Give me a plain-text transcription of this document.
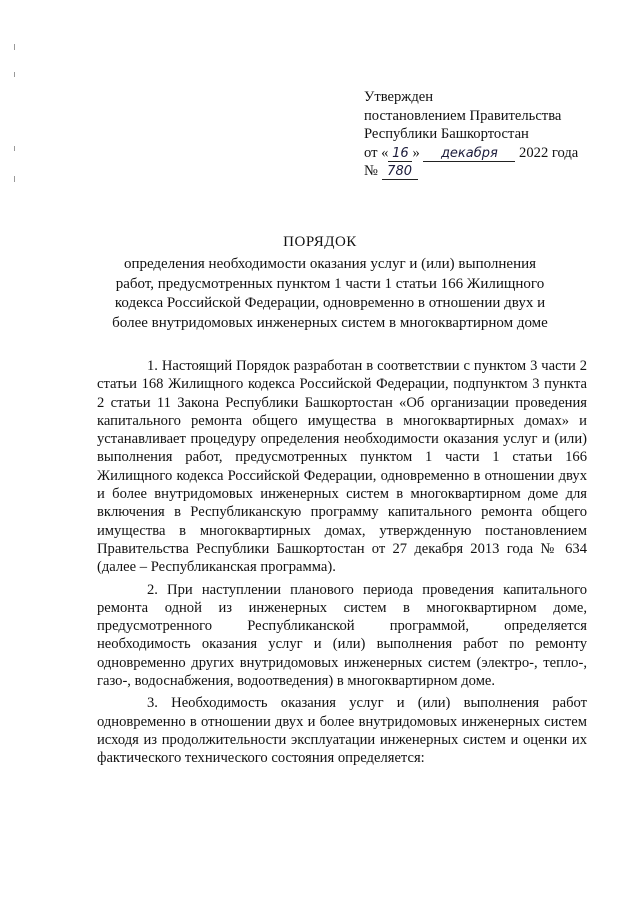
Утвержден
постановлением Правительства
Республики Башкортостан
от « 16 » декабря 2022 года
№ 780
ПОРЯДОК
определения необходимости оказания услуг и (или) выполнения работ, предусмотренных пунктом 1 части 1 статьи 166 Жилищного кодекса Российской Федерации, одновременно в отношении двух и более внутридомовых инженерных систем в многоквартирном доме

1. Настоящий Порядок разработан в соответствии с пунктом 3 части 2 статьи 168 Жилищного кодекса Российской Федерации, подпунктом 3 пункта 2 статьи 11 Закона Республики Башкортостан «Об организации проведения капитального ремонта общего имущества в многоквартирных домах» и устанавливает процедуру определения необходимости оказания услуг и (или) выполнения работ, предусмотренных пунктом 1 части 1 статьи 166 Жилищного кодекса Российской Федерации, одновременно в отношении двух и более внутридомовых инженерных систем в многоквартирном доме для включения в Республиканскую программу капитального ремонта общего имущества в многоквартирных домах, утвержденную постановлением Правительства Республики Башкортостан от 27 декабря 2013 года № 634 (далее – Республиканская программа).

2. При наступлении планового периода проведения капитального ремонта одной из инженерных систем в многоквартирном доме, предусмотренного Республиканской программой, определяется необходимость оказания услуг и (или) выполнения работ по ремонту одновременно других внутридомовых инженерных систем (электро-, тепло-, газо-, водоснабжения, водоотведения) в многоквартирном доме.

3. Необходимость оказания услуг и (или) выполнения работ одновременно в отношении двух и более внутридомовых инженерных систем исходя из продолжительности эксплуатации инженерных систем и оценки их фактического технического состояния определяется:
